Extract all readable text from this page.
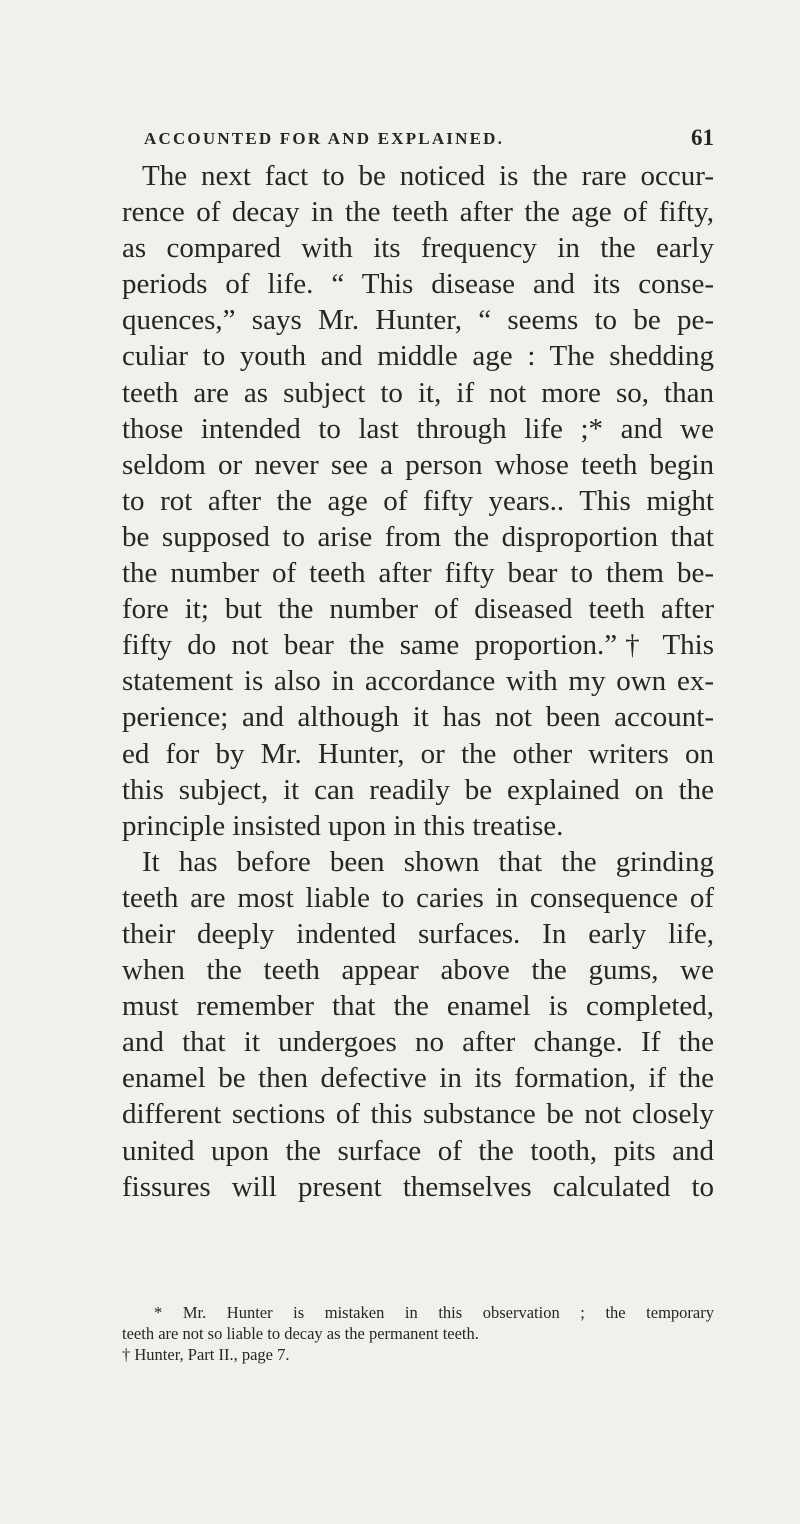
ACCOUNTED FOR AND EXPLAINED.	61
The next fact to be noticed is the rare occur-
rence of decay in the teeth after the age of fifty,
as compared with its frequency in the early
periods of life. “ This disease and its conse-
quences,” says Mr. Hunter, “ seems to be pe-
culiar to youth and middle age : The shedding
teeth are as subject to it, if not more so, than
those intended to last through life ;* and we
seldom or never see a person whose teeth begin
to rot after the age of fifty years.. This might
be supposed to arise from the disproportion that
the number of teeth after fifty bear to them be-
fore it; but the number of diseased teeth after
fifty do not bear the same proportion.”† This
statement is also in accordance with my own ex-
perience; and although it has not been account-
ed for by Mr. Hunter, or the other writers on
this subject, it can readily be explained on the
principle insisted upon in this treatise.
It has before been shown that the grinding
teeth are most liable to caries in consequence of
their deeply indented surfaces. In early life,
when the teeth appear above the gums, we
must remember that the enamel is completed,
and that it undergoes no after change. If the
enamel be then defective in its formation, if the
different sections of this substance be not closely
united upon the surface of the tooth, pits and
fissures will present themselves calculated to
* Mr. Hunter is mistaken in this observation ; the temporary
teeth are not so liable to decay as the permanent teeth.
† Hunter, Part II., page 7.
